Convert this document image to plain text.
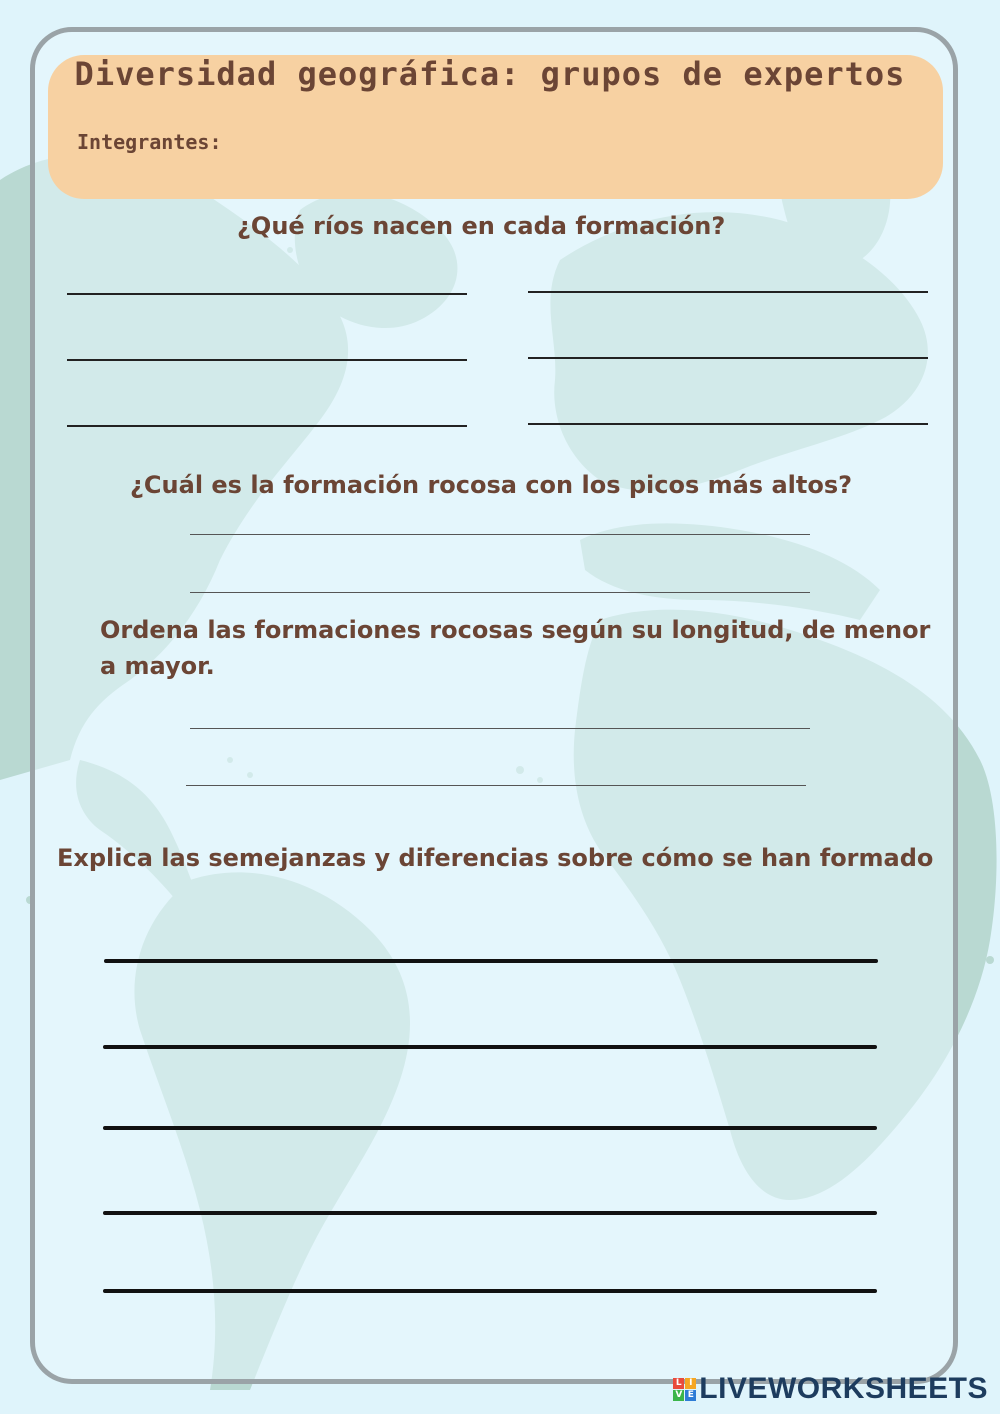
Diversidad geográfica: grupos de expertos
Integrantes:

¿Qué ríos nacen en cada formación?

¿Cuál es la formación rocosa con los picos más altos?

Ordena las formaciones rocosas según su longitud, de menor a mayor.

Explica las semejanzas y diferencias sobre cómo se han formado

L I
V E LIVEWORKSHEETS
